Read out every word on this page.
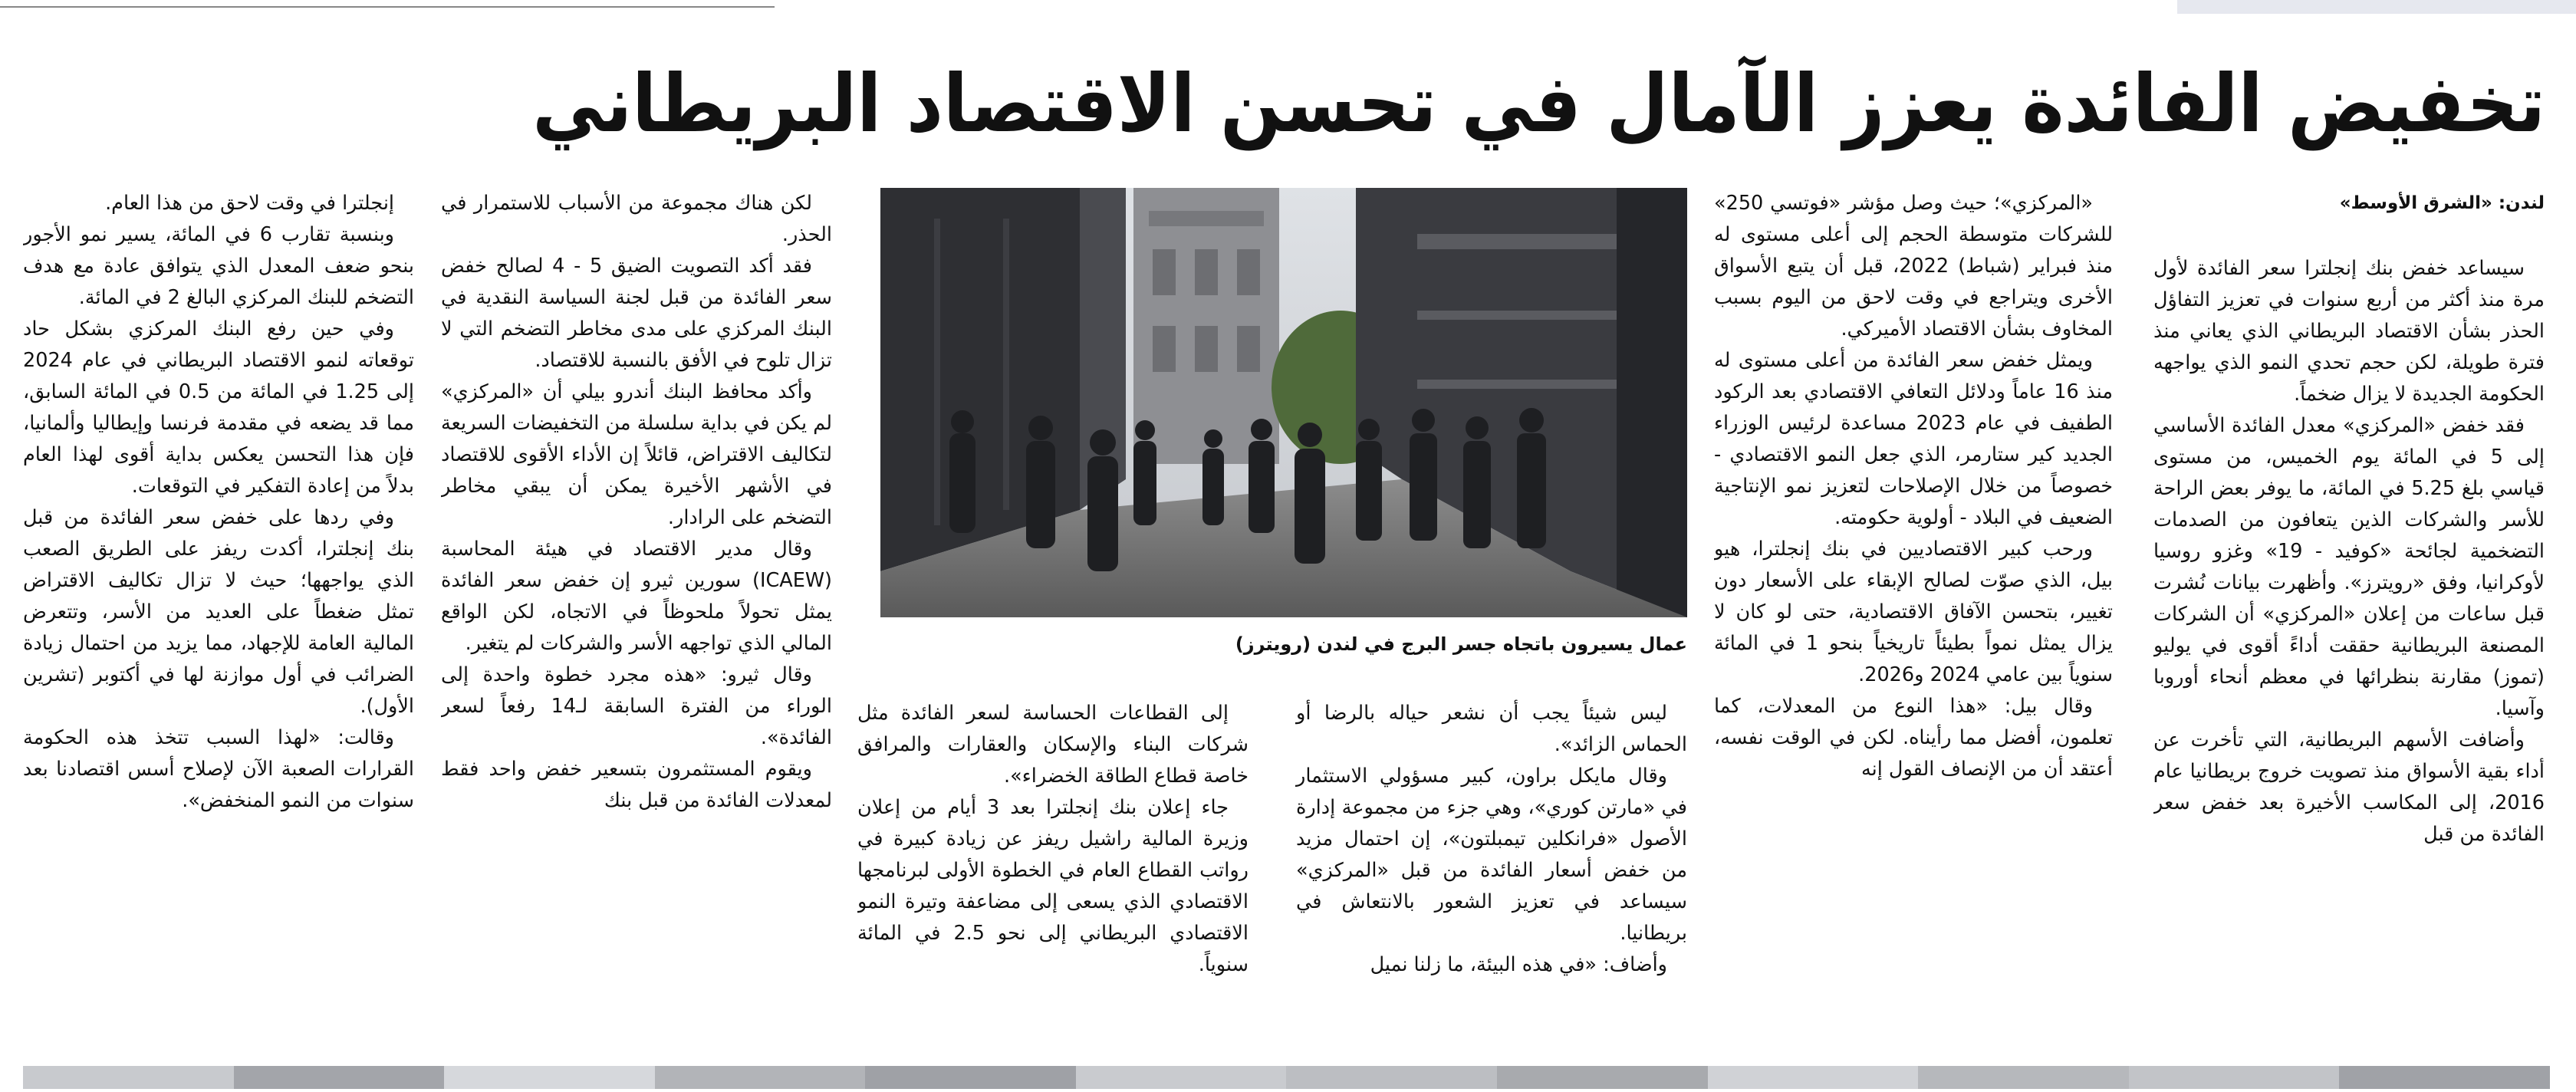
تخفيض الفائدة يعزز الآمال في تحسن الاقتصاد البريطاني
لندن: «الشرق الأوسط»

سيساعد خفض بنك إنجلترا سعر الفائدة لأول مرة منذ أكثر من أربع سنوات في تعزيز التفاؤل الحذر بشأن الاقتصاد البريطاني الذي يعاني منذ فترة طويلة، لكن حجم تحدي النمو الذي يواجهه الحكومة الجديدة لا يزال ضخماً.

فقد خفض «المركزي» معدل الفائدة الأساسي إلى 5 في المائة يوم الخميس، من مستوى قياسي بلغ 5.25 في المائة، ما يوفر بعض الراحة للأسر والشركات الذين يتعافون من الصدمات التضخمية لجائحة «كوفيد - 19» وغزو روسيا لأوكرانيا، وفق «رويترز». وأظهرت بيانات نُشرت قبل ساعات من إعلان «المركزي» أن الشركات المصنعة البريطانية حققت أداءً أقوى في يوليو (تموز) مقارنة بنظرائها في معظم أنحاء أوروبا وآسيا.

وأضافت الأسهم البريطانية، التي تأخرت عن أداء بقية الأسواق منذ تصويت خروج بريطانيا عام 2016، إلى المكاسب الأخيرة بعد خفض سعر الفائدة من قبل

«المركزي»؛ حيث وصل مؤشر «فوتسي 250» للشركات متوسطة الحجم إلى أعلى مستوى له منذ فبراير (شباط) 2022، قبل أن يتبع الأسواق الأخرى ويتراجع في وقت لاحق من اليوم بسبب المخاوف بشأن الاقتصاد الأميركي.

ويمثل خفض سعر الفائدة من أعلى مستوى له منذ 16 عاماً ودلائل التعافي الاقتصادي بعد الركود الطفيف في عام 2023 مساعدة لرئيس الوزراء الجديد كير ستارمر، الذي جعل النمو الاقتصادي - خصوصاً من خلال الإصلاحات لتعزيز نمو الإنتاجية الضعيف في البلاد - أولوية حكومته.

ورحب كبير الاقتصاديين في بنك إنجلترا، هيو بيل، الذي صوّت لصالح الإبقاء على الأسعار دون تغيير، بتحسن الآفاق الاقتصادية، حتى لو كان لا يزال يمثل نمواً بطيئاً تاريخياً بنحو 1 في المائة سنوياً بين عامي 2024 و2026.

وقال بيل: «هذا النوع من المعدلات، كما تعلمون، أفضل مما رأيناه. لكن في الوقت نفسه، أعتقد أن من الإنصاف القول إنه

عمال يسيرون باتجاه جسر البرج في لندن (رويترز)

ليس شيئاً يجب أن نشعر حياله بالرضا أو الحماس الزائد».

وقال مايكل براون، كبير مسؤولي الاستثمار في «مارتن كوري»، وهي جزء من مجموعة إدارة الأصول «فرانكلين تيمبلتون»، إن احتمال مزيد من خفض أسعار الفائدة من قبل «المركزي» سيساعد في تعزيز الشعور بالانتعاش في بريطانيا.

وأضاف: «في هذه البيئة، ما زلنا نميل

إلى القطاعات الحساسة لسعر الفائدة مثل شركات البناء والإسكان والعقارات والمرافق خاصة قطاع الطاقة الخضراء».

جاء إعلان بنك إنجلترا بعد 3 أيام من إعلان وزيرة المالية راشيل ريفز عن زيادة كبيرة في رواتب القطاع العام في الخطوة الأولى لبرنامجها الاقتصادي الذي يسعى إلى مضاعفة وتيرة النمو الاقتصادي البريطاني إلى نحو 2.5 في المائة سنوياً.

لكن هناك مجموعة من الأسباب للاستمرار في الحذر.

فقد أكد التصويت الضيق 5 - 4 لصالح خفض سعر الفائدة من قبل لجنة السياسة النقدية في البنك المركزي على مدى مخاطر التضخم التي لا تزال تلوح في الأفق بالنسبة للاقتصاد.

وأكد محافظ البنك أندرو بيلي أن «المركزي» لم يكن في بداية سلسلة من التخفيضات السريعة لتكاليف الاقتراض، قائلاً إن الأداء الأقوى للاقتصاد في الأشهر الأخيرة يمكن أن يبقي مخاطر التضخم على الرادار.

وقال مدير الاقتصاد في هيئة المحاسبة (ICAEW) سورين ثيرو إن خفض سعر الفائدة يمثل تحولاً ملحوظاً في الاتجاه، لكن الواقع المالي الذي تواجهه الأسر والشركات لم يتغير.

وقال ثيرو: «هذه مجرد خطوة واحدة إلى الوراء من الفترة السابقة لـ14 رفعاً لسعر الفائدة».

ويقوم المستثمرون بتسعير خفض واحد فقط لمعدلات الفائدة من قبل بنك

إنجلترا في وقت لاحق من هذا العام.

وبنسبة تقارب 6 في المائة، يسير نمو الأجور بنحو ضعف المعدل الذي يتوافق عادة مع هدف التضخم للبنك المركزي البالغ 2 في المائة.

وفي حين رفع البنك المركزي بشكل حاد توقعاته لنمو الاقتصاد البريطاني في عام 2024 إلى 1.25 في المائة من 0.5 في المائة السابق، مما قد يضعه في مقدمة فرنسا وإيطاليا وألمانيا، فإن هذا التحسن يعكس بداية أقوى لهذا العام بدلاً من إعادة التفكير في التوقعات.

وفي ردها على خفض سعر الفائدة من قبل بنك إنجلترا، أكدت ريفز على الطريق الصعب الذي يواجهها؛ حيث لا تزال تكاليف الاقتراض تمثل ضغطاً على العديد من الأسر، وتتعرض المالية العامة للإجهاد، مما يزيد من احتمال زيادة الضرائب في أول موازنة لها في أكتوبر (تشرين الأول).

وقالت: «لهذا السبب تتخذ هذه الحكومة القرارات الصعبة الآن لإصلاح أسس اقتصادنا بعد سنوات من النمو المنخفض».
